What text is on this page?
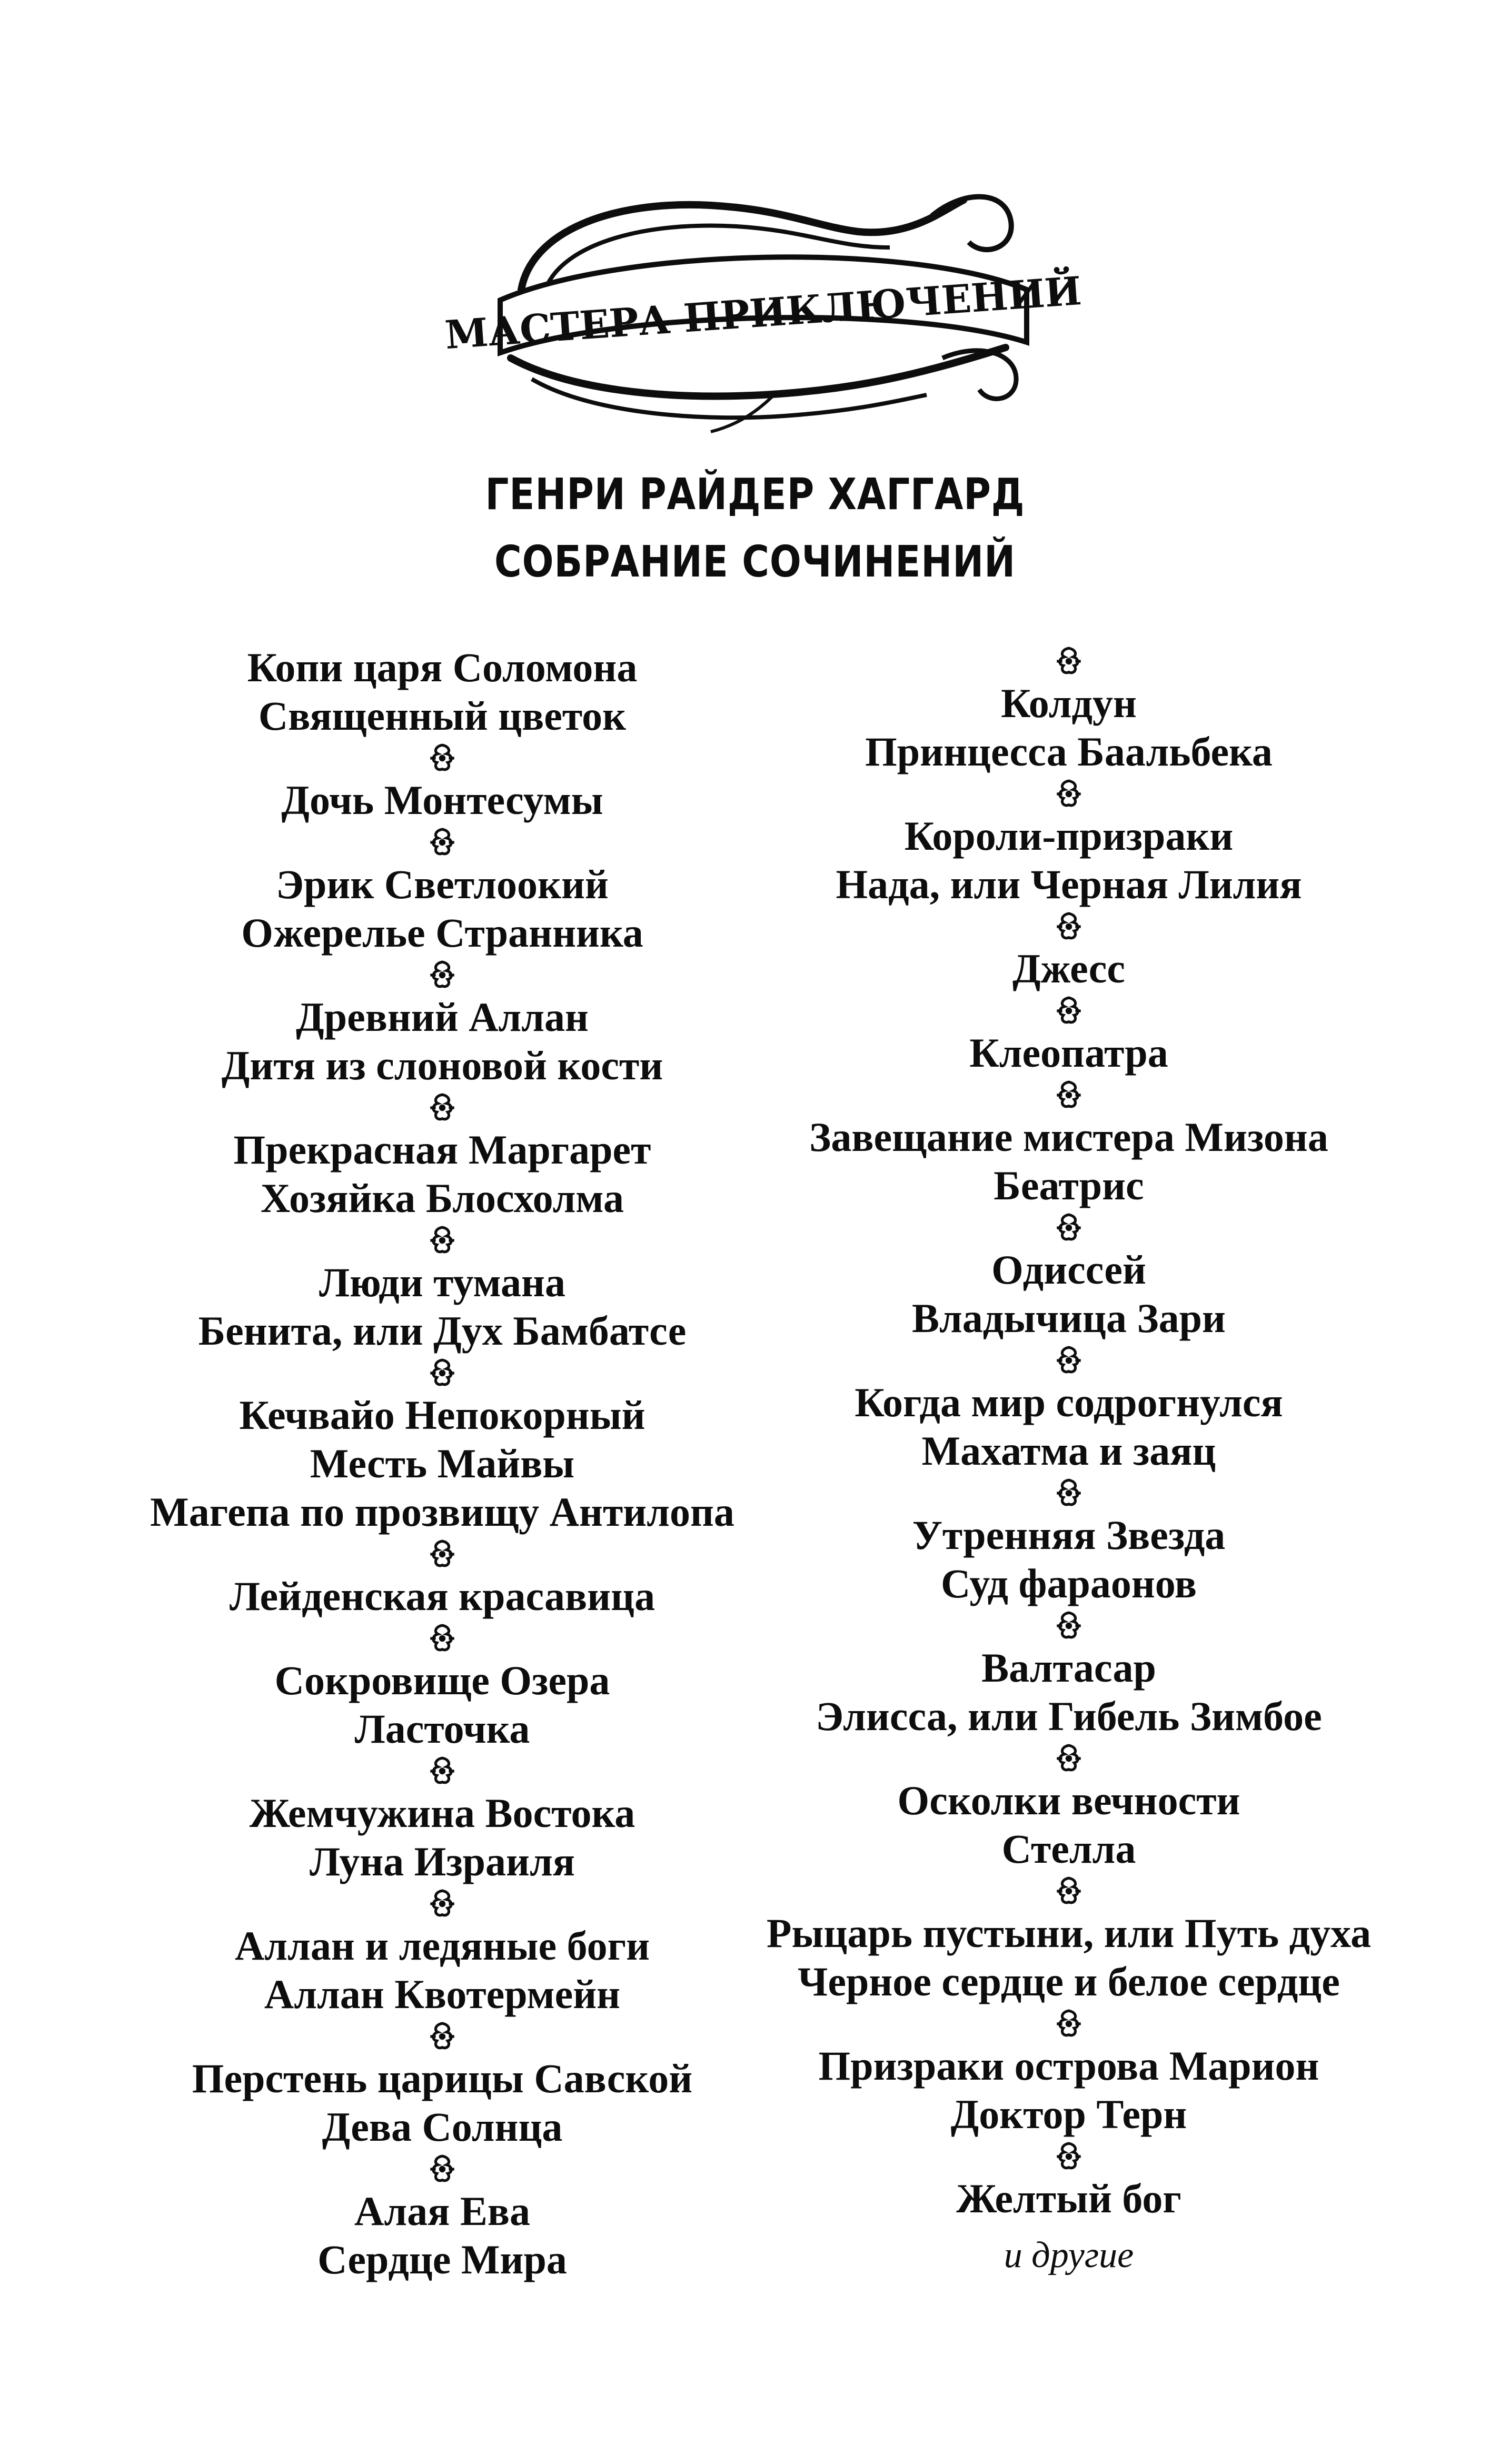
МАСТЕРА ПРИКЛЮЧЕНИЙ
ГЕНРИ РАЙДЕР ХАГГАРД
СОБРАНИЕ СОЧИНЕНИЙ
Копи царя Соломона
Священный цветок
Дочь Монтесумы
Эрик Светлоокий
Ожерелье Странника
Древний Аллан
Дитя из слоновой кости
Прекрасная Маргарет
Хозяйка Блосхолма
Люди тумана
Бенита, или Дух Бамбатсе
Кечвайо Непокорный
Месть Майвы
Магепа по прозвищу Антилопа
Лейденская красавица
Сокровище Озера
Ласточка
Жемчужина Востока
Луна Израиля
Аллан и ледяные боги
Аллан Квотермейн
Перстень царицы Савской
Дева Солнца
Алая Ева
Сердце Мира
Колдун
Принцесса Баальбека
Короли-призраки
Нада, или Черная Лилия
Джесс
Клеопатра
Завещание мистера Мизона
Беатрис
Одиссей
Владычица Зари
Когда мир содрогнулся
Махатма и заяц
Утренняя Звезда
Суд фараонов
Валтасар
Элисса, или Гибель Зимбое
Осколки вечности
Стелла
Рыцарь пустыни, или Путь духа
Черное сердце и белое сердце
Призраки острова Марион
Доктор Терн
Желтый бог
и другие
